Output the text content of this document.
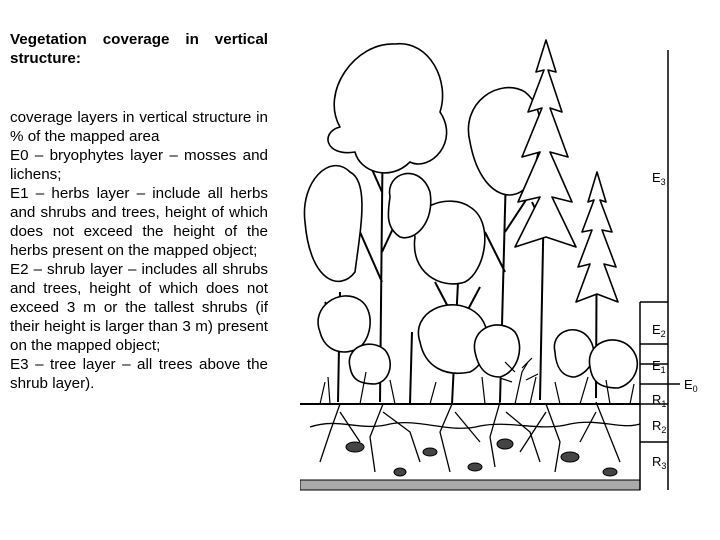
Vegetation coverage in vertical structure:

coverage layers in vertical structure in % of the mapped area

E0 – bryophytes layer – mosses and lichens;

E1 – herbs layer – include all herbs and shrubs and trees, height of which does not exceed the height of the herbs present on the mapped object;

E2 – shrub layer – includes all shrubs and trees, height of which does not exceed 3 m or the tallest shrubs (if their height is larger than 3 m) present on the mapped object;

E3 – tree layer – all trees above the shrub layer).

$E_3$
$E_2$
$E_1$
$E_0$
$R_1$
$R_2$
$R_3$
